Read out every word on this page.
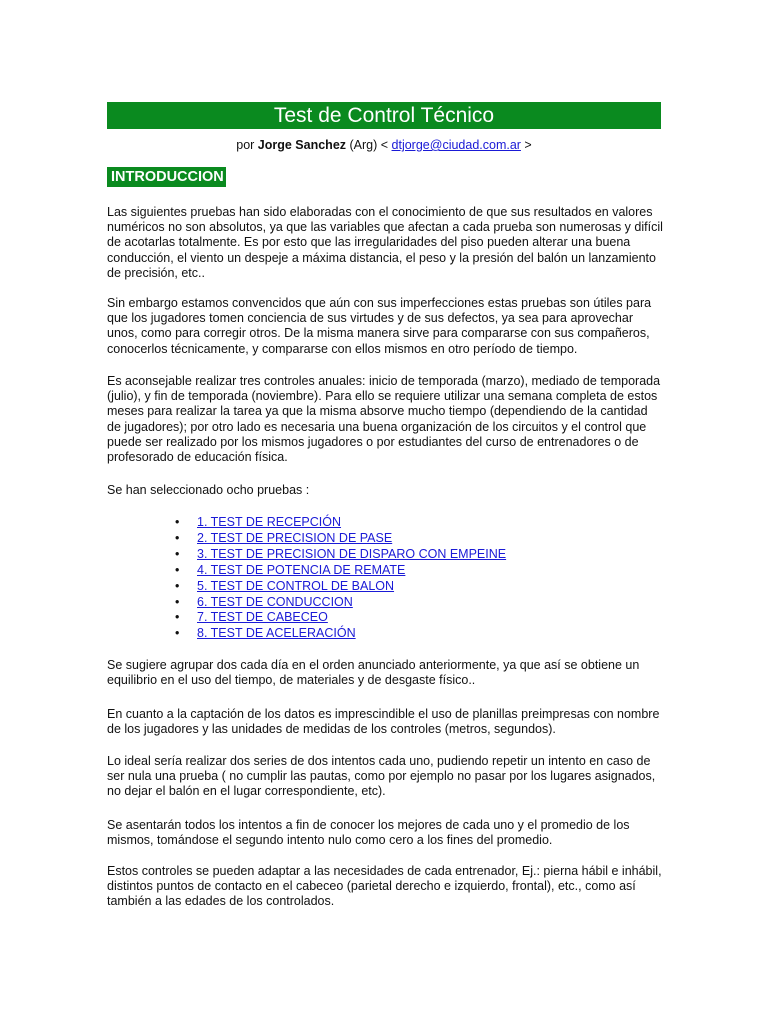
Test de Control Técnico
por Jorge Sanchez (Arg) < dtjorge@ciudad.com.ar >
INTRODUCCION

Las siguientes pruebas han sido elaboradas con el conocimiento de que sus resultados en valores numéricos no son absolutos, ya que las variables que afectan a cada prueba son numerosas y difícil de acotarlas totalmente. Es por esto que las irregularidades del piso pueden alterar una buena conducción, el viento un despeje a máxima distancia, el peso y la presión del balón un lanzamiento de precisión, etc..

Sin embargo estamos convencidos que aún con sus imperfecciones estas pruebas son útiles para que los jugadores tomen conciencia de sus virtudes y de sus defectos, ya sea para aprovechar unos, como para corregir otros. De la misma manera sirve para compararse con sus compañeros, conocerlos técnicamente, y compararse con ellos mismos en otro período de tiempo.

Es aconsejable realizar tres controles anuales: inicio de temporada (marzo), mediado de temporada (julio), y fin de temporada (noviembre). Para ello se requiere utilizar una semana completa de estos meses para realizar la tarea ya que la misma absorve mucho tiempo (dependiendo de la cantidad de jugadores); por otro lado es necesaria una buena organización de los circuitos y el control que puede ser realizado por los mismos jugadores o por estudiantes del curso de entrenadores o de profesorado de educación física.

Se han seleccionado ocho pruebas :

• 1. TEST DE RECEPCIÓN
• 2. TEST DE PRECISION DE PASE
• 3. TEST DE PRECISION DE DISPARO CON EMPEINE
• 4. TEST DE POTENCIA DE REMATE
• 5. TEST DE CONTROL DE BALON
• 6. TEST DE CONDUCCION
• 7. TEST DE CABECEO
• 8. TEST DE ACELERACIÓN

Se sugiere agrupar dos cada día en el orden anunciado anteriormente, ya que así se obtiene un equilibrio en el uso del tiempo, de materiales y de desgaste físico..

En cuanto a la captación de los datos es imprescindible el uso de planillas preimpresas con nombre de los jugadores y las unidades de medidas de los controles (metros, segundos).

Lo ideal sería realizar dos series de dos intentos cada uno, pudiendo repetir un intento en caso de ser nula una prueba ( no cumplir las pautas, como por ejemplo no pasar por los lugares asignados, no dejar el balón en el lugar correspondiente, etc).

Se asentarán todos los intentos a fin de conocer los mejores de cada uno y el promedio de los mismos, tomándose el segundo intento nulo como cero a los fines del promedio.

Estos controles se pueden adaptar a las necesidades de cada entrenador, Ej.: pierna hábil e inhábil, distintos puntos de contacto en el cabeceo (parietal derecho e izquierdo, frontal), etc., como así también a las edades de los controlados.
